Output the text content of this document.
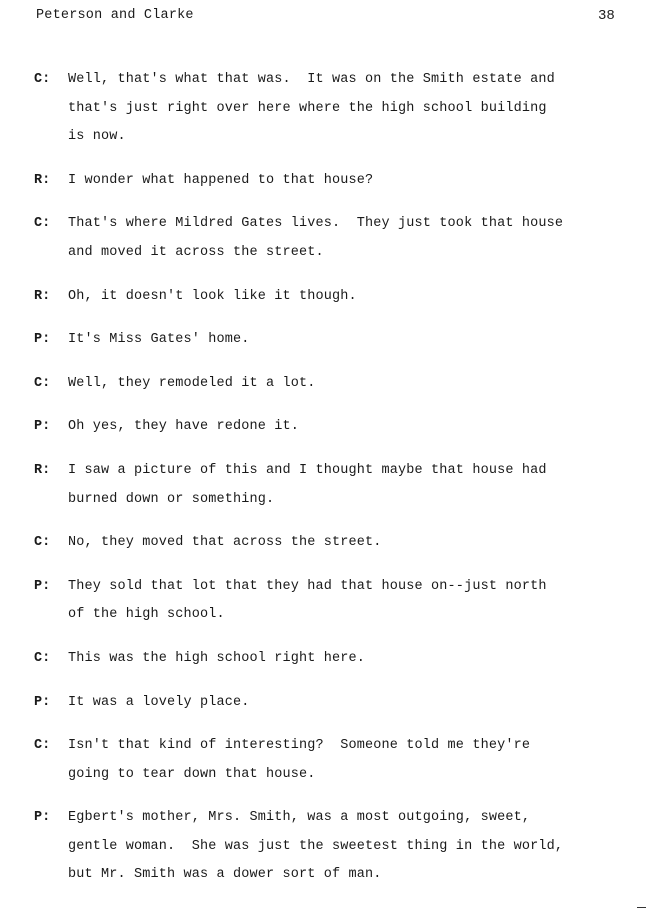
Peterson and Clarke	38
C:	Well, that's what that was.  It was on the Smith estate and
that's just right over here where the high school building
is now.
R:	I wonder what happened to that house?
C:	That's where Mildred Gates lives.  They just took that house
and moved it across the street.
R:	Oh, it doesn't look like it though.
P:	It's Miss Gates' home.
C:	Well, they remodeled it a lot.
P:	Oh yes, they have redone it.
R:	I saw a picture of this and I thought maybe that house had
burned down or something.
C:	No, they moved that across the street.
P:	They sold that lot that they had that house on--just north
of the high school.
C:	This was the high school right here.
P:	It was a lovely place.
C:	Isn't that kind of interesting?  Someone told me they're
going to tear down that house.
P:	Egbert's mother, Mrs. Smith, was a most outgoing, sweet,
gentle woman.  She was just the sweetest thing in the world,
but Mr. Smith was a dower sort of man.
